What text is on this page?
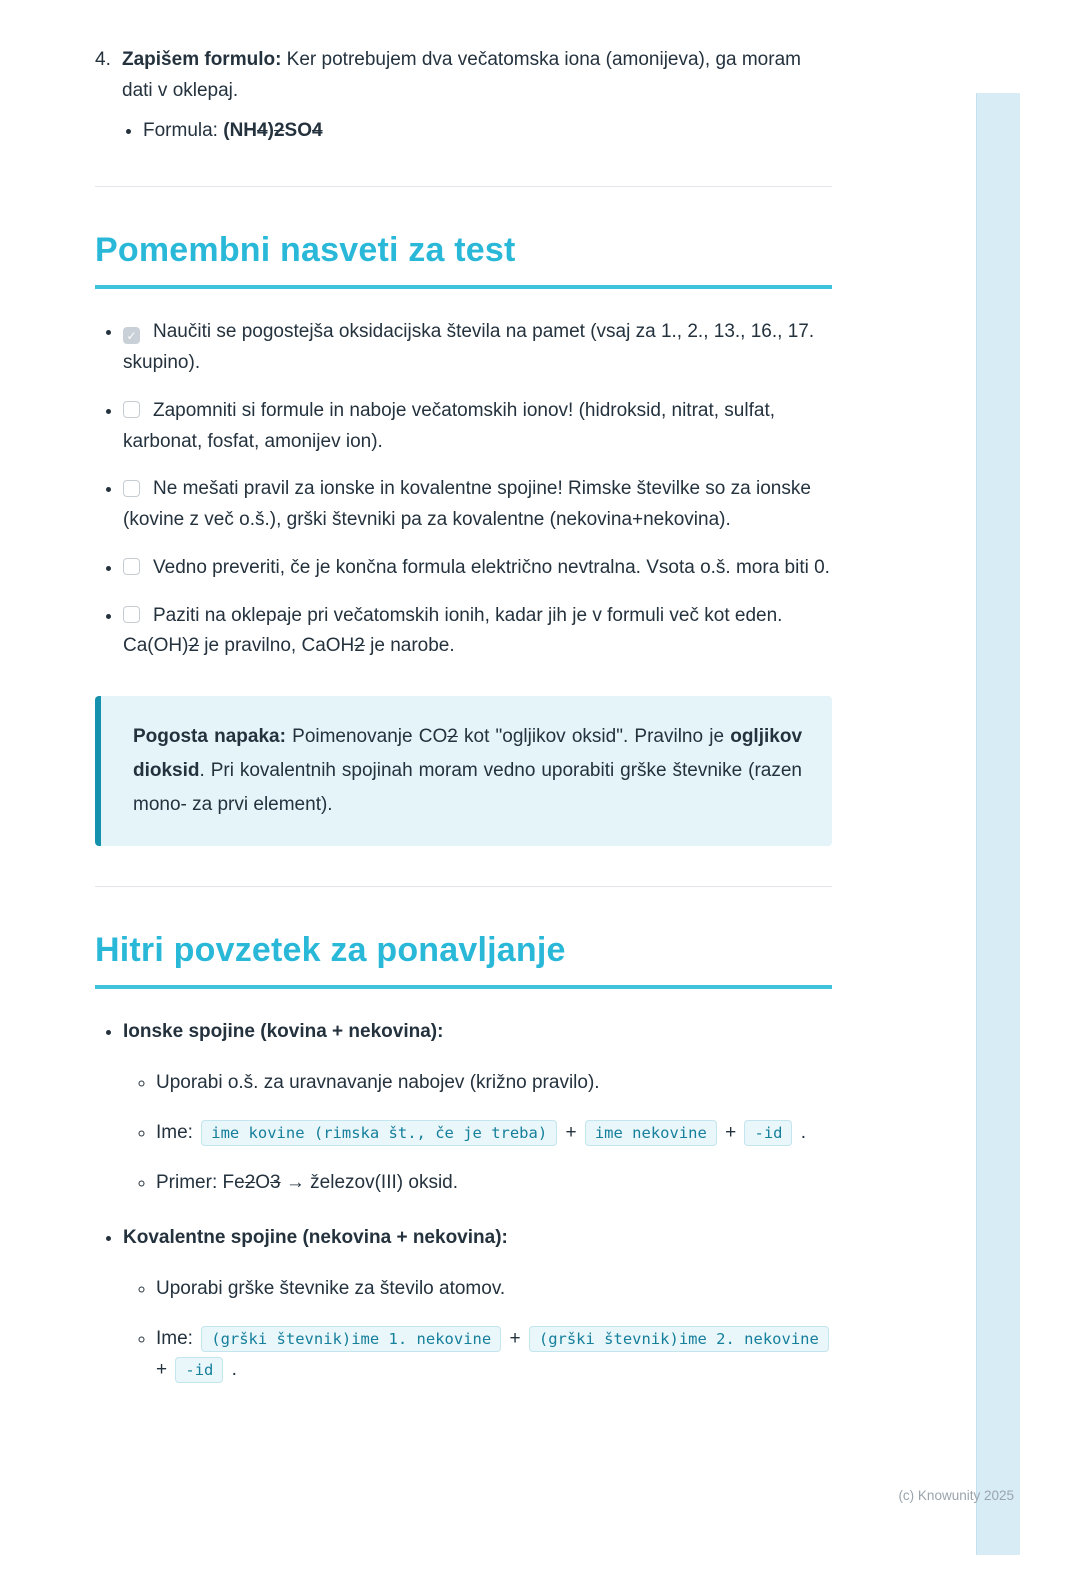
4. Zapišem formulo: Ker potrebujem dva večatomska iona (amonijeva), ga moram dati v oklepaj.

• Formula: (NH4)2SO4

Pomembni nasveti za test
✓• Naučiti se pogostejša oksidacijska števila na pamet (vsaj za 1., 2., 13., 16., 17. skupino).
• Zapomniti si formule in naboje večatomskih ionov! (hidroksid, nitrat, sulfat, karbonat, fosfat, amonijev ion).
• Ne mešati pravil za ionske in kovalentne spojine! Rimske številke so za ionske (kovine z več o.š.), grški števniki pa za kovalentne (nekovina+nekovina).
• Vedno preveriti, če je končna formula električno nevtralna. Vsota o.š. mora biti 0.
• Paziti na oklepaje pri večatomskih ionih, kadar jih je v formuli več kot eden. Ca(OH)2 je pravilno, CaOH2 je narobe.

Pogosta napaka: Poimenovanje CO2 kot "ogljikov oksid". Pravilno je ogljikov dioksid. Pri kovalentnih spojinah moram vedno uporabiti grške števnike (razen mono- za prvi element).

Hitri povzetek za ponavljanje

• Ionske spojine (kovina + nekovina):

◦ Uporabi o.š. za uravnavanje nabojev (križno pravilo).

◦ Ime: ime kovine (rimska št., če je treba) + ime nekovine + -id .

◦ Primer: Fe2O3 → železov(III) oksid.

• Kovalentne spojine (nekovina + nekovina):

◦ Uporabi grške števnike za število atomov.

◦ Ime: (grški števnik)ime 1. nekovine + (grški števnik)ime 2. nekovine + -id .

(c) Knowunity 2025
